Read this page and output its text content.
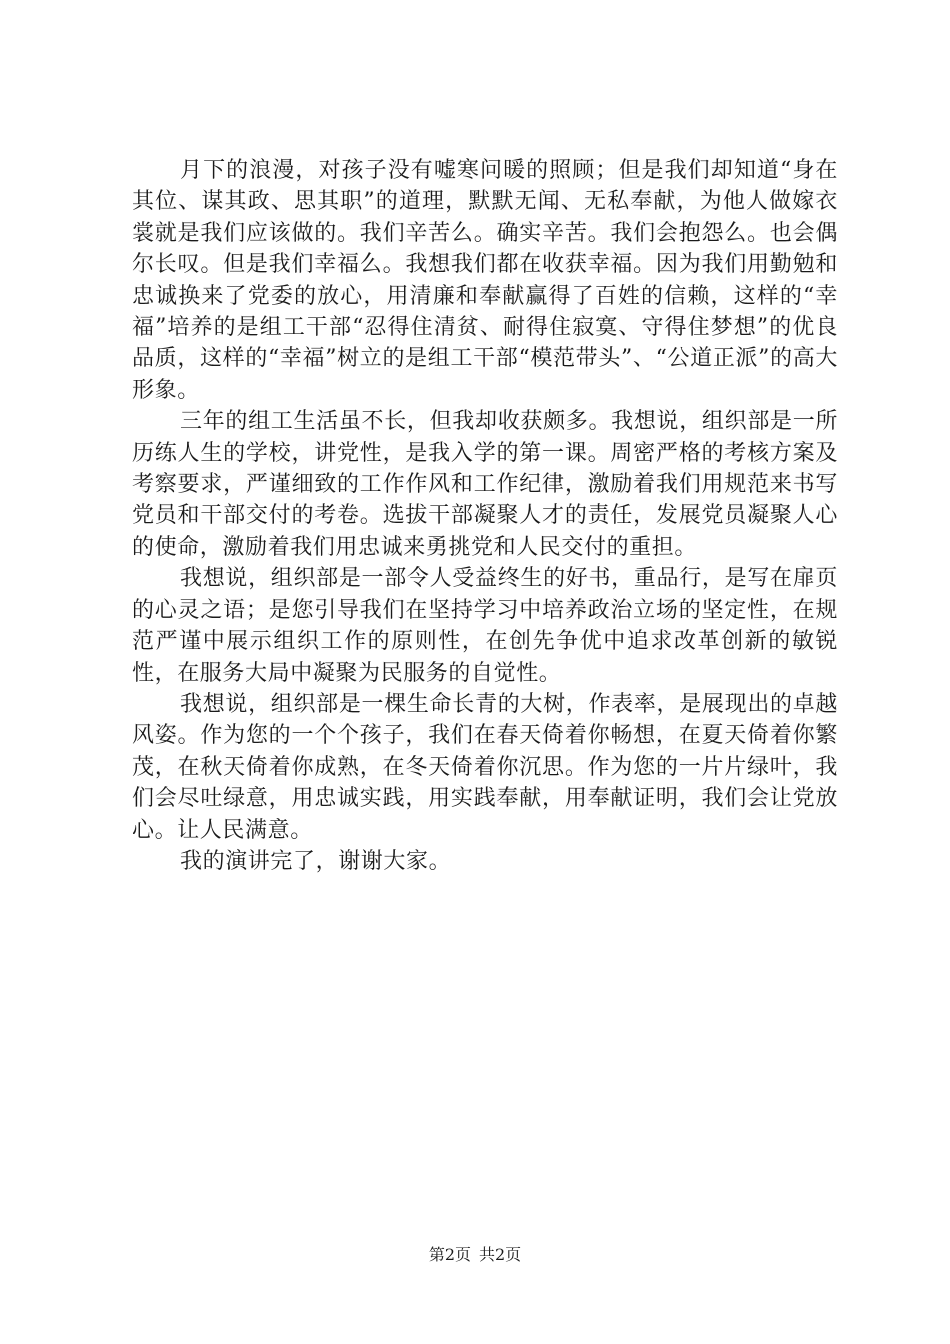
月下的浪漫，对孩子没有嘘寒问暖的照顾；但是我们却知道“身在其位、谋其政、思其职”的道理，默默无闻、无私奉献，为他人做嫁衣裳就是我们应该做的。我们辛苦么。确实辛苦。我们会抱怨么。也会偶尔长叹。但是我们幸福么。我想我们都在收获幸福。因为我们用勤勉和忠诚换来了党委的放心，用清廉和奉献赢得了百姓的信赖，这样的“幸福”培养的是组工干部“忍得住清贫、耐得住寂寞、守得住梦想”的优良品质，这样的“幸福”树立的是组工干部“模范带头”、“公道正派”的高大形象。

三年的组工生活虽不长，但我却收获颇多。我想说，组织部是一所历练人生的学校，讲党性，是我入学的第一课。周密严格的考核方案及考察要求，严谨细致的工作作风和工作纪律，激励着我们用规范来书写党员和干部交付的考卷。选拔干部凝聚人才的责任，发展党员凝聚人心的使命，激励着我们用忠诚来勇挑党和人民交付的重担。

我想说，组织部是一部令人受益终生的好书，重品行，是写在扉页的心灵之语；是您引导我们在坚持学习中培养政治立场的坚定性，在规范严谨中展示组织工作的原则性，在创先争优中追求改革创新的敏锐性，在服务大局中凝聚为民服务的自觉性。

我想说，组织部是一棵生命长青的大树，作表率，是展现出的卓越风姿。作为您的一个个孩子，我们在春天倚着你畅想，在夏天倚着你繁茂，在秋天倚着你成熟，在冬天倚着你沉思。作为您的一片片绿叶，我们会尽吐绿意，用忠诚实践，用实践奉献，用奉献证明，我们会让党放心。让人民满意。

我的演讲完了，谢谢大家。

第2页 共2页
